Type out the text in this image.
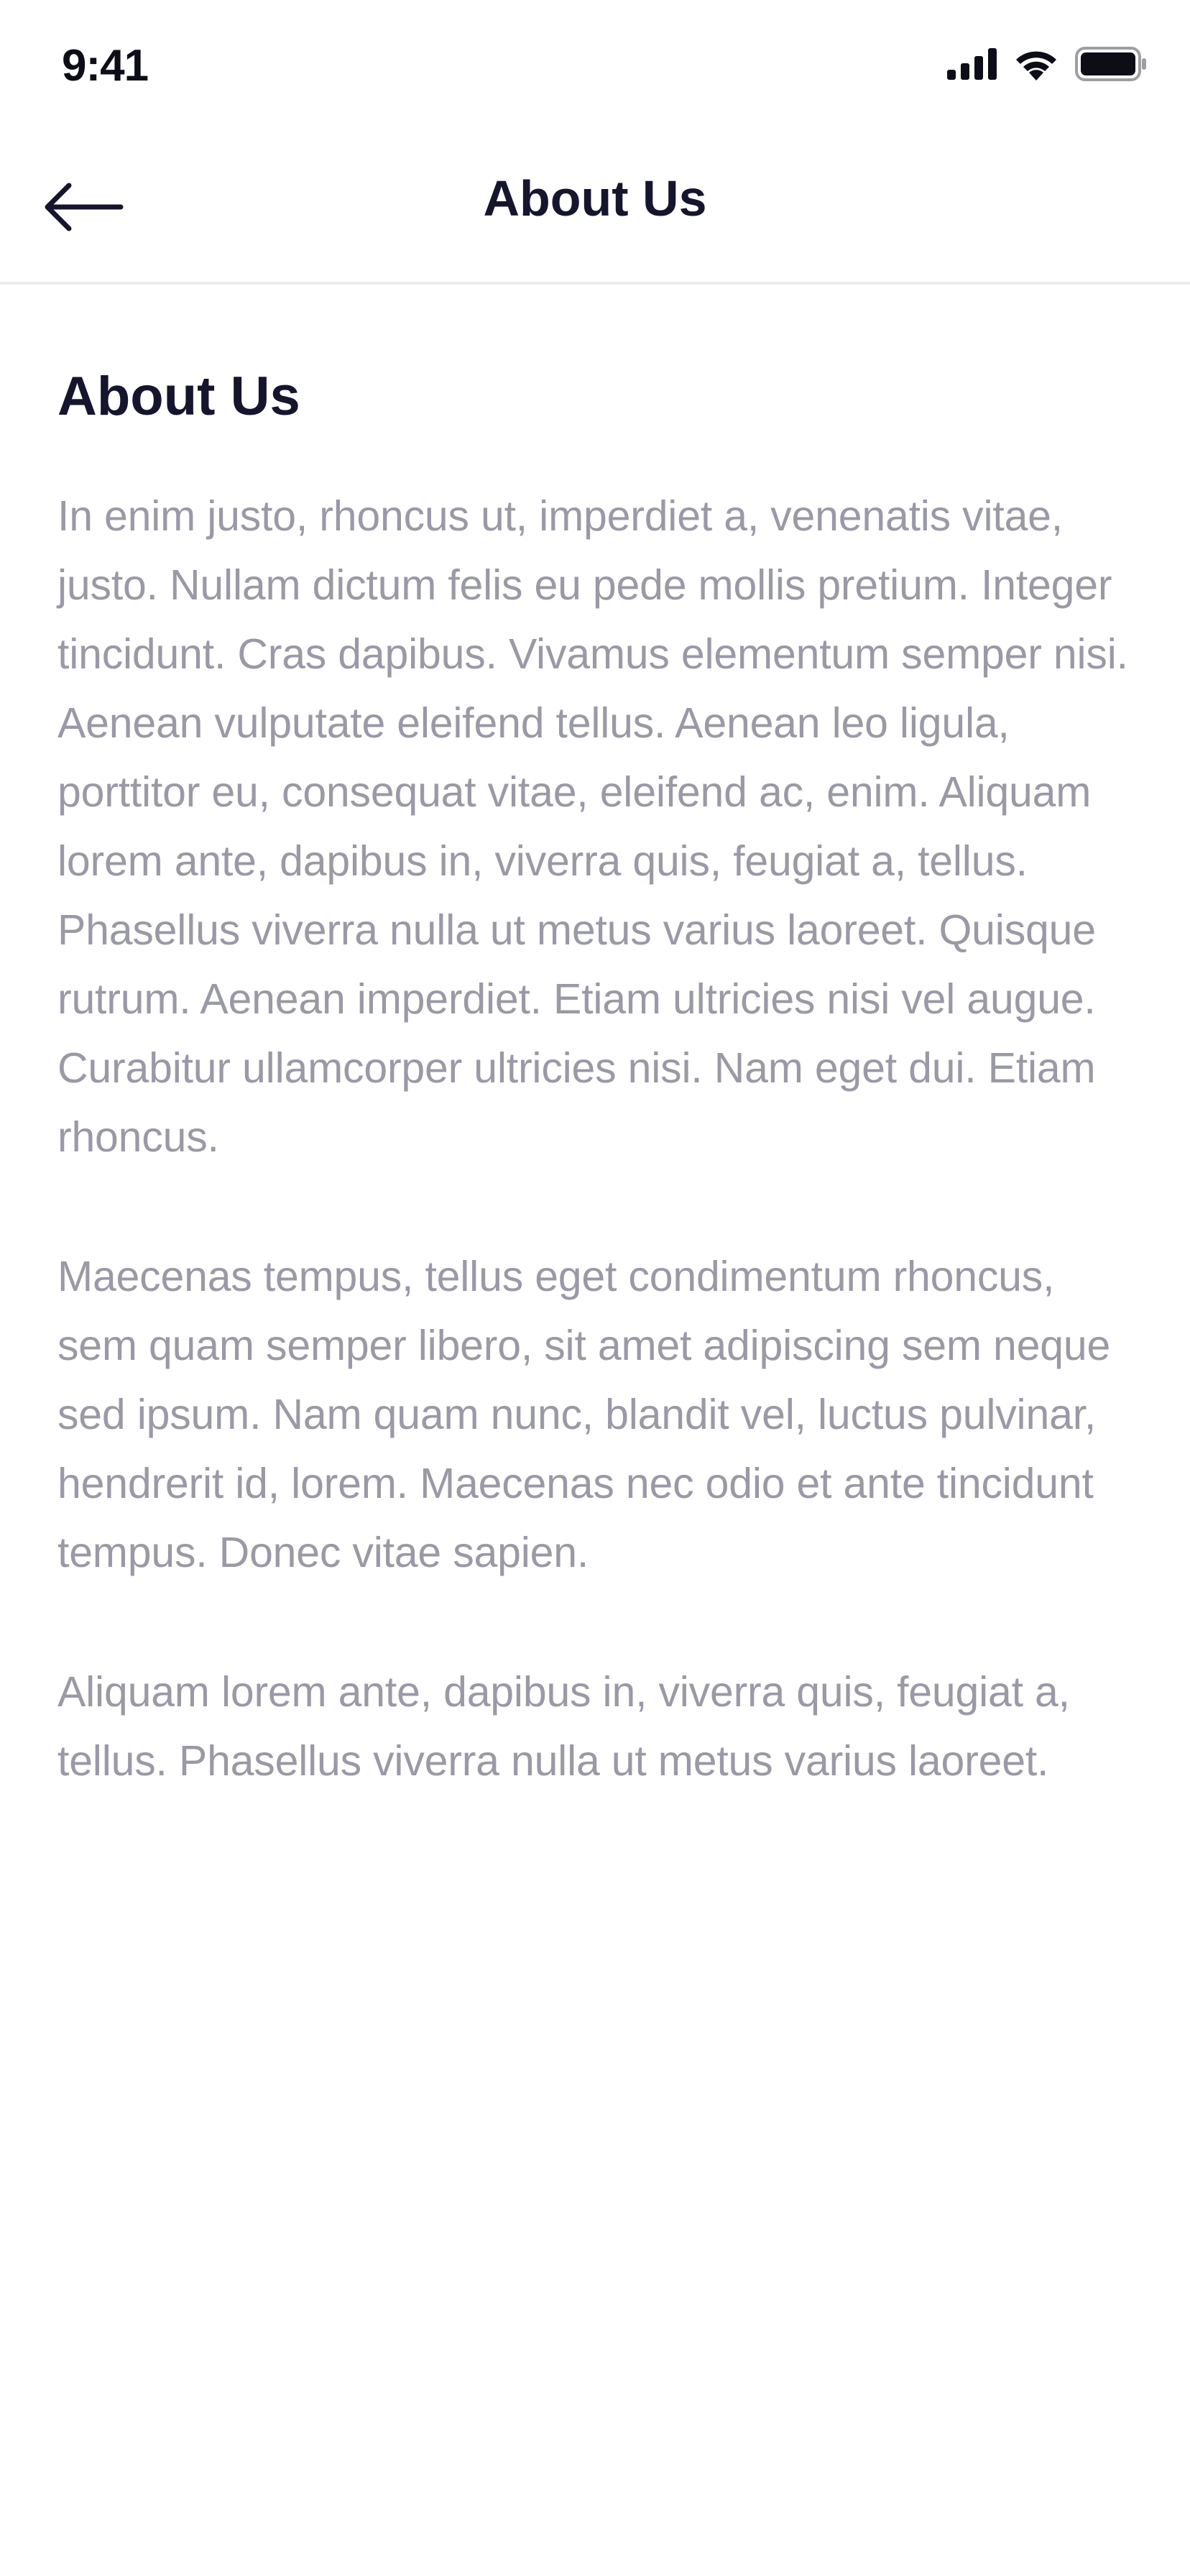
9:41
About Us
About Us

In enim justo, rhoncus ut, imperdiet a, venenatis vitae, justo. Nullam dictum felis eu pede mollis pretium. Integer tincidunt. Cras dapibus. Vivamus elementum semper nisi. Aenean vulputate eleifend tellus. Aenean leo ligula, porttitor eu, consequat vitae, eleifend ac, enim. Aliquam lorem ante, dapibus in, viverra quis, feugiat a, tellus. Phasellus viverra nulla ut metus varius laoreet. Quisque rutrum. Aenean imperdiet. Etiam ultricies nisi vel augue. Curabitur ullamcorper ultricies nisi. Nam eget dui. Etiam rhoncus.

Maecenas tempus, tellus eget condimentum rhoncus, sem quam semper libero, sit amet adipiscing sem neque sed ipsum. Nam quam nunc, blandit vel, luctus pulvinar, hendrerit id, lorem. Maecenas nec odio et ante tincidunt tempus. Donec vitae sapien.

Aliquam lorem ante, dapibus in, viverra quis, feugiat a, tellus. Phasellus viverra nulla ut metus varius laoreet.
